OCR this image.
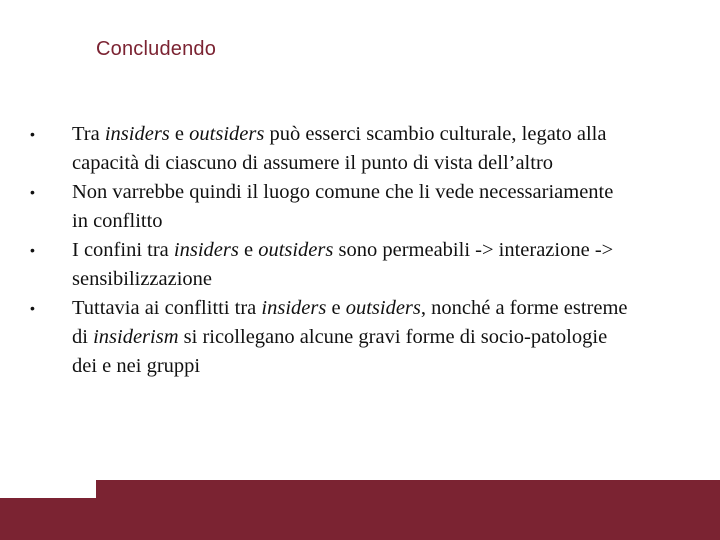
Concludendo
• Tra insiders e outsiders può esserci scambio culturale, legato alla capacità di ciascuno di assumere il punto di vista dell’altro
• Non varrebbe quindi il luogo comune che li vede necessariamente in conflitto
• I confini tra insiders e outsiders sono permeabili -> interazione -> sensibilizzazione
• Tuttavia ai conflitti tra insiders e outsiders, nonché a forme estreme di insiderism si ricollegano alcune gravi forme di socio-patologie dei e nei gruppi
